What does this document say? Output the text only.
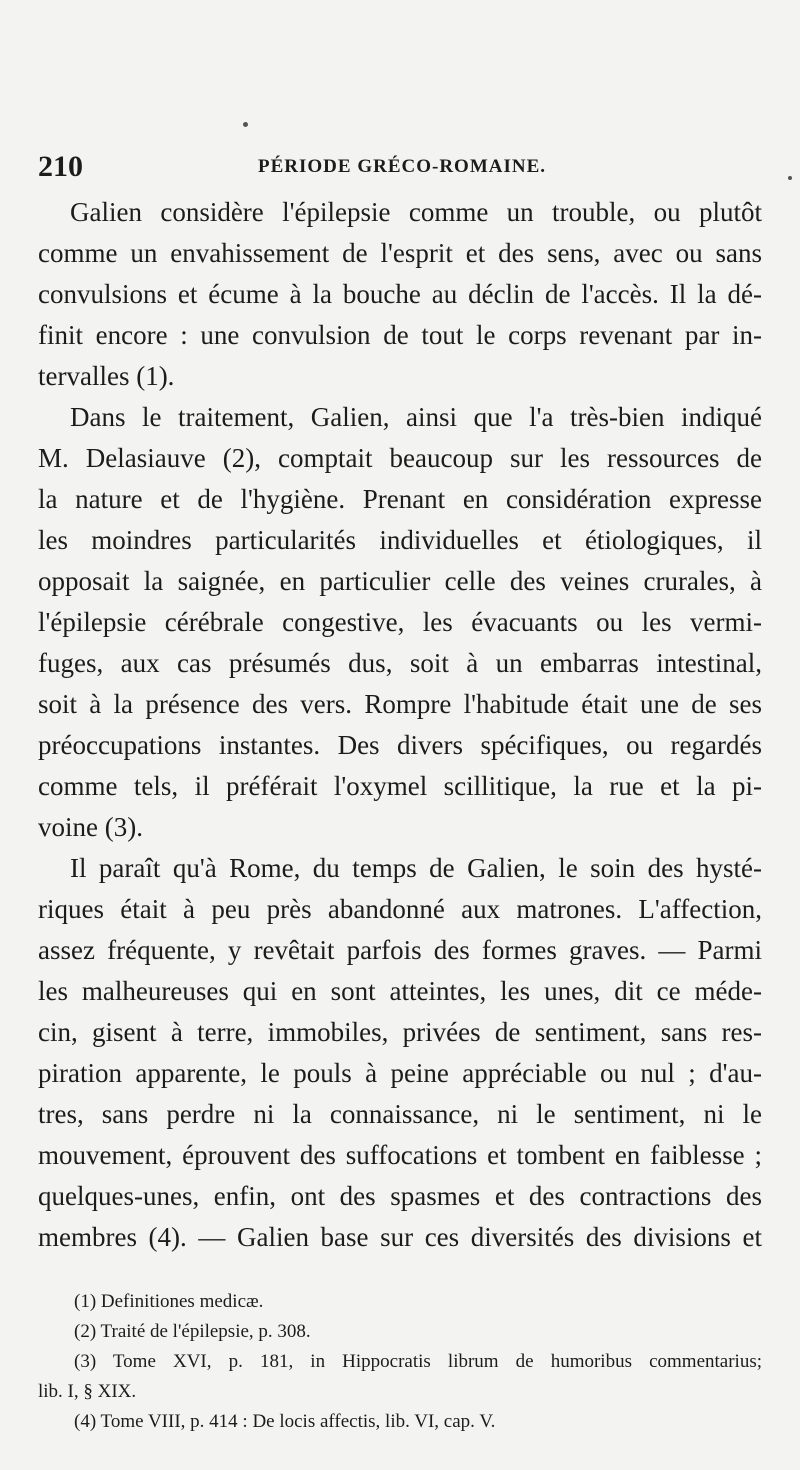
210	PÉRIODE GRÉCO-ROMAINE.
Galien considère l'épilepsie comme un trouble, ou plutôt
comme un envahissement de l'esprit et des sens, avec ou sans
convulsions et écume à la bouche au déclin de l'accès. Il la dé-
finit encore : une convulsion de tout le corps revenant par in-
tervalles (1).
Dans le traitement, Galien, ainsi que l'a très-bien indiqué
M. Delasiauve (2), comptait beaucoup sur les ressources de
la nature et de l'hygiène. Prenant en considération expresse
les moindres particularités individuelles et étiologiques, il
opposait la saignée, en particulier celle des veines crurales, à
l'épilepsie cérébrale congestive, les évacuants ou les vermi-
fuges, aux cas présumés dus, soit à un embarras intestinal,
soit à la présence des vers. Rompre l'habitude était une de ses
préoccupations instantes. Des divers spécifiques, ou regardés
comme tels, il préférait l'oxymel scillitique, la rue et la pi-
voine (3).
Il paraît qu'à Rome, du temps de Galien, le soin des hysté-
riques était à peu près abandonné aux matrones. L'affection,
assez fréquente, y revêtait parfois des formes graves. — Parmi
les malheureuses qui en sont atteintes, les unes, dit ce méde-
cin, gisent à terre, immobiles, privées de sentiment, sans res-
piration apparente, le pouls à peine appréciable ou nul ; d'au-
tres, sans perdre ni la connaissance, ni le sentiment, ni le
mouvement, éprouvent des suffocations et tombent en faiblesse ;
quelques-unes, enfin, ont des spasmes et des contractions des
membres (4). — Galien base sur ces diversités des divisions et
(1) Definitiones medicæ.
(2) Traité de l'épilepsie, p. 308.
(3) Tome XVI, p. 181, in Hippocratis librum de humoribus commentarius;
lib. I, § XIX.
(4) Tome VIII, p. 414 : De locis affectis, lib. VI, cap. V.
